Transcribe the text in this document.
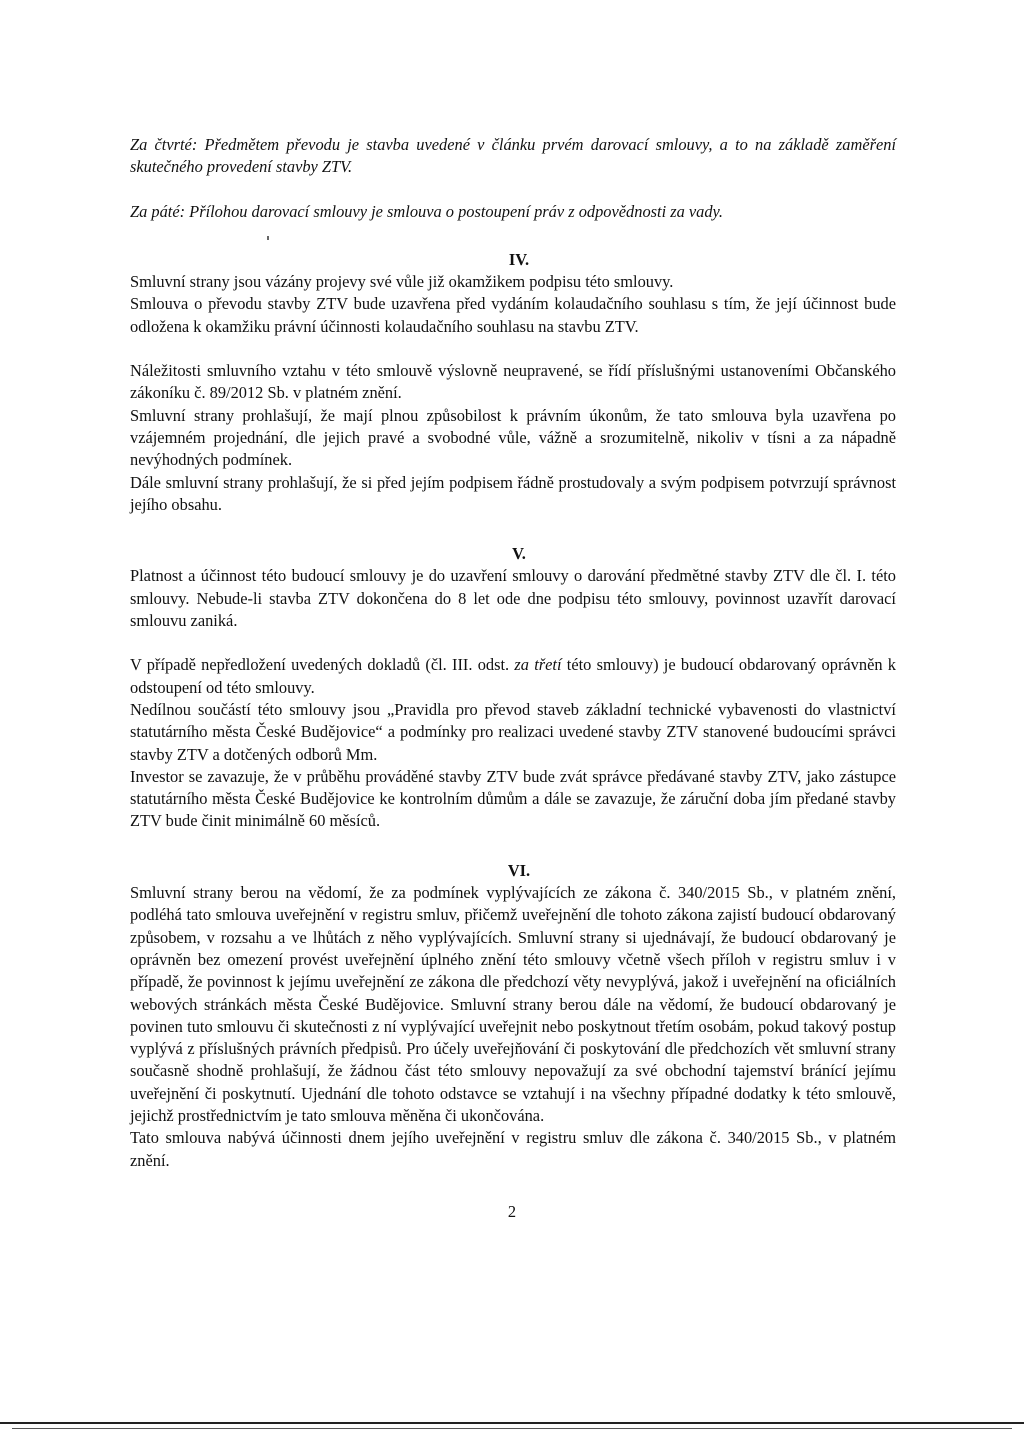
Za čtvrté: Předmětem převodu je stavba uvedené v článku prvém darovací smlouvy, a to na základě zaměření skutečného provedení stavby ZTV.

Za páté: Přílohou darovací smlouvy je smlouva o postoupení práv z odpovědnosti za vady.

IV.

Smluvní strany jsou vázány projevy své vůle již okamžikem podpisu této smlouvy.

Smlouva o převodu stavby ZTV bude uzavřena před vydáním kolaudačního souhlasu s tím, že její účinnost bude odložena k okamžiku právní účinnosti kolaudačního souhlasu na stavbu ZTV.

Náležitosti smluvního vztahu v této smlouvě výslovně neupravené, se řídí příslušnými ustanoveními Občanského zákoníku č. 89/2012 Sb. v platném znění.

Smluvní strany prohlašují, že mají plnou způsobilost k právním úkonům, že tato smlouva byla uzavřena po vzájemném projednání, dle jejich pravé a svobodné vůle, vážně a srozumitelně, nikoliv v tísni a za nápadně nevýhodných podmínek.

Dále smluvní strany prohlašují, že si před jejím podpisem řádně prostudovaly a svým podpisem potvrzují správnost jejího obsahu.

V.

Platnost a účinnost této budoucí smlouvy je do uzavření smlouvy o darování předmětné stavby ZTV dle čl. I. této smlouvy. Nebude-li stavba ZTV dokončena do 8 let ode dne podpisu této smlouvy, povinnost uzavřít darovací smlouvu zaniká.

V případě nepředložení uvedených dokladů (čl. III. odst. za třetí této smlouvy) je budoucí obdarovaný oprávněn k odstoupení od této smlouvy.

Nedílnou součástí této smlouvy jsou „Pravidla pro převod staveb základní technické vybavenosti do vlastnictví statutárního města České Budějovice“ a podmínky pro realizaci uvedené stavby ZTV stanovené budoucími správci stavby ZTV a dotčených odborů Mm.

Investor se zavazuje, že v průběhu prováděné stavby ZTV bude zvát správce předávané stavby ZTV, jako zástupce statutárního města České Budějovice ke kontrolním důmům a dále se zavazuje, že záruční doba jím předané stavby ZTV bude činit minimálně 60 měsíců.

VI.

Smluvní strany berou na vědomí, že za podmínek vyplývajících ze zákona č. 340/2015 Sb., v platném znění, podléhá tato smlouva uveřejnění v registru smluv, přičemž uveřejnění dle tohoto zákona zajistí budoucí obdarovaný způsobem, v rozsahu a ve lhůtách z něho vyplývajících. Smluvní strany si ujednávají, že budoucí obdarovaný je oprávněn bez omezení provést uveřejnění úplného znění této smlouvy včetně všech příloh v registru smluv i v případě, že povinnost k jejímu uveřejnění ze zákona dle předchozí věty nevyplývá, jakož i uveřejnění na oficiálních webových stránkách města České Budějovice. Smluvní strany berou dále na vědomí, že budoucí obdarovaný je povinen tuto smlouvu či skutečnosti z ní vyplývající uveřejnit nebo poskytnout třetím osobám, pokud takový postup vyplývá z příslušných právních předpisů. Pro účely uveřejňování či poskytování dle předchozích vět smluvní strany současně shodně prohlašují, že žádnou část této smlouvy nepovažují za své obchodní tajemství bránící jejímu uveřejnění či poskytnutí. Ujednání dle tohoto odstavce se vztahují i na všechny případné dodatky k této smlouvě, jejichž prostřednictvím je tato smlouva měněna či ukončována.

Tato smlouva nabývá účinnosti dnem jejího uveřejnění v registru smluv dle zákona č. 340/2015 Sb., v platném znění.

2
